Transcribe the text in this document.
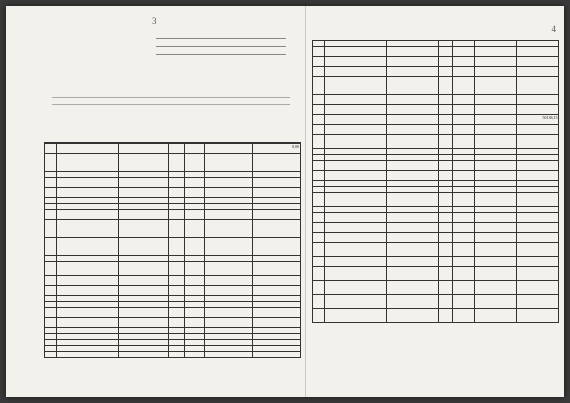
3

						0,00

4

						50138,15
